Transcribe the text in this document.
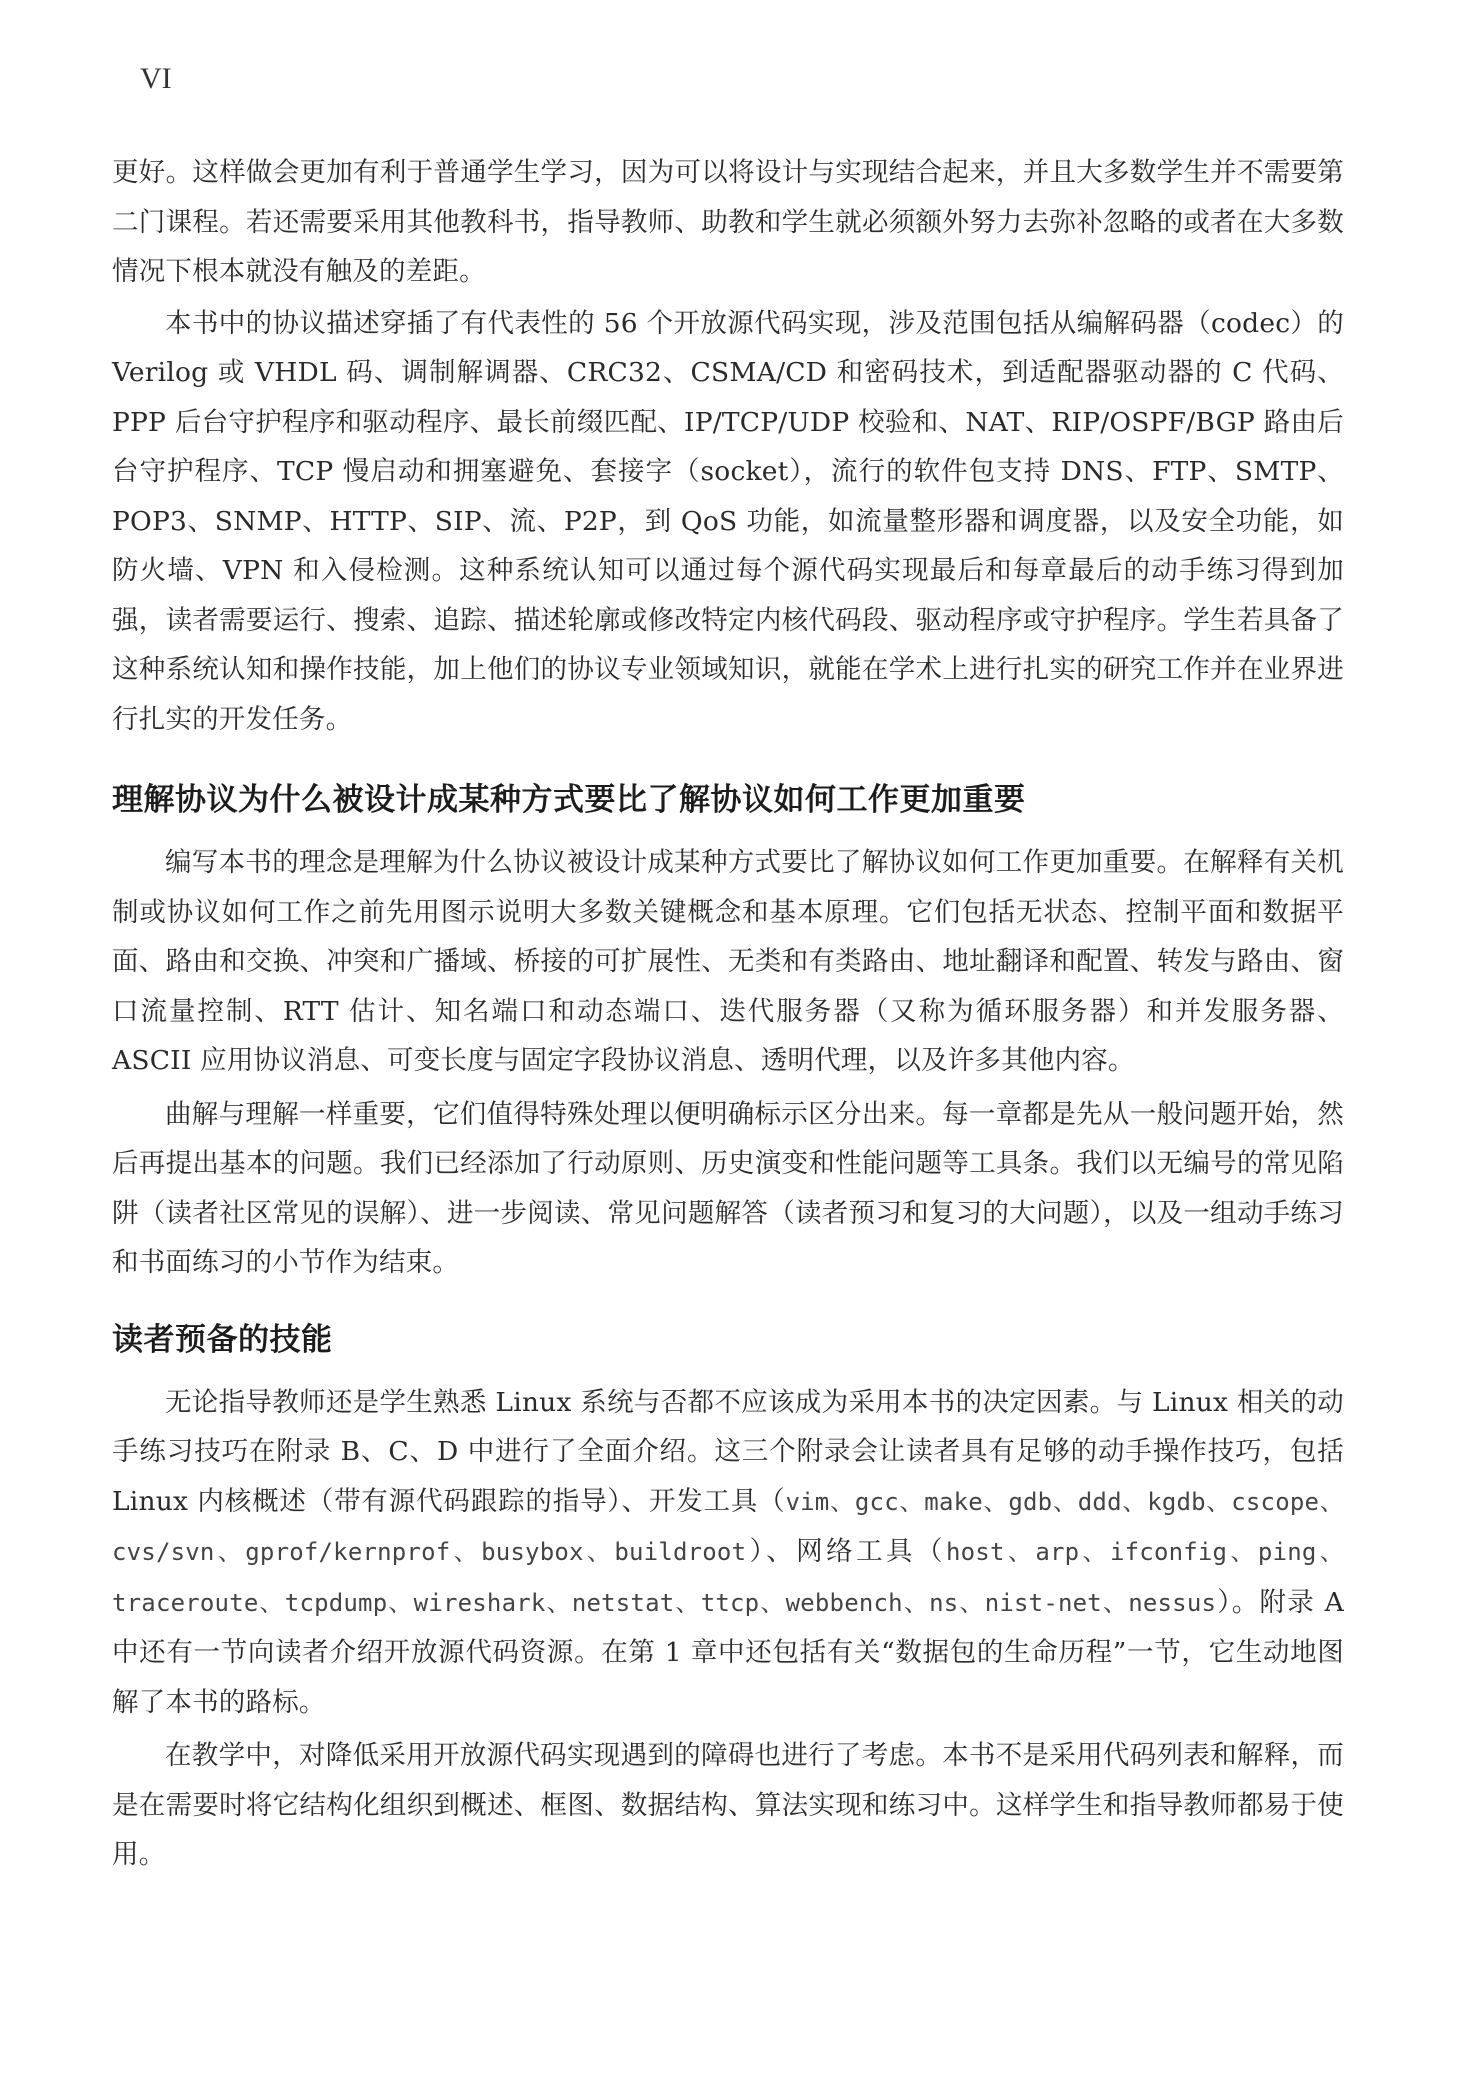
VI

更好。这样做会更加有利于普通学生学习，因为可以将设计与实现结合起来，并且大多数学生并不需要第二门课程。若还需要采用其他教科书，指导教师、助教和学生就必须额外努力去弥补忽略的或者在大多数情况下根本就没有触及的差距。

本书中的协议描述穿插了有代表性的 56 个开放源代码实现，涉及范围包括从编解码器（codec）的 Verilog 或 VHDL 码、调制解调器、CRC32、CSMA/CD 和密码技术，到适配器驱动器的 C 代码、PPP 后台守护程序和驱动程序、最长前缀匹配、IP/TCP/UDP 校验和、NAT、RIP/OSPF/BGP 路由后台守护程序、TCP 慢启动和拥塞避免、套接字（socket），流行的软件包支持 DNS、FTP、SMTP、POP3、SNMP、HTTP、SIP、流、P2P，到 QoS 功能，如流量整形器和调度器，以及安全功能，如防火墙、VPN 和入侵检测。这种系统认知可以通过每个源代码实现最后和每章最后的动手练习得到加强，读者需要运行、搜索、追踪、描述轮廓或修改特定内核代码段、驱动程序或守护程序。学生若具备了这种系统认知和操作技能，加上他们的协议专业领域知识，就能在学术上进行扎实的研究工作并在业界进行扎实的开发任务。

理解协议为什么被设计成某种方式要比了解协议如何工作更加重要

编写本书的理念是理解为什么协议被设计成某种方式要比了解协议如何工作更加重要。在解释有关机制或协议如何工作之前先用图示说明大多数关键概念和基本原理。它们包括无状态、控制平面和数据平面、路由和交换、冲突和广播域、桥接的可扩展性、无类和有类路由、地址翻译和配置、转发与路由、窗口流量控制、RTT 估计、知名端口和动态端口、迭代服务器（又称为循环服务器）和并发服务器、ASCII 应用协议消息、可变长度与固定字段协议消息、透明代理，以及许多其他内容。

曲解与理解一样重要，它们值得特殊处理以便明确标示区分出来。每一章都是先从一般问题开始，然后再提出基本的问题。我们已经添加了行动原则、历史演变和性能问题等工具条。我们以无编号的常见陷阱（读者社区常见的误解）、进一步阅读、常见问题解答（读者预习和复习的大问题），以及一组动手练习和书面练习的小节作为结束。

读者预备的技能

无论指导教师还是学生熟悉 Linux 系统与否都不应该成为采用本书的决定因素。与 Linux 相关的动手练习技巧在附录 B、C、D 中进行了全面介绍。这三个附录会让读者具有足够的动手操作技巧，包括 Linux 内核概述（带有源代码跟踪的指导）、开发工具（vim、gcc、make、gdb、ddd、kgdb、cscope、cvs/svn、gprof/kernprof、busybox、buildroot）、网络工具（host、arp、ifconfig、ping、traceroute、tcpdump、wireshark、netstat、ttcp、webbench、ns、nist-net、nessus）。附录 A 中还有一节向读者介绍开放源代码资源。在第 1 章中还包括有关“数据包的生命历程”一节，它生动地图解了本书的路标。

在教学中，对降低采用开放源代码实现遇到的障碍也进行了考虑。本书不是采用代码列表和解释，而是在需要时将它结构化组织到概述、框图、数据结构、算法实现和练习中。这样学生和指导教师都易于使用。
